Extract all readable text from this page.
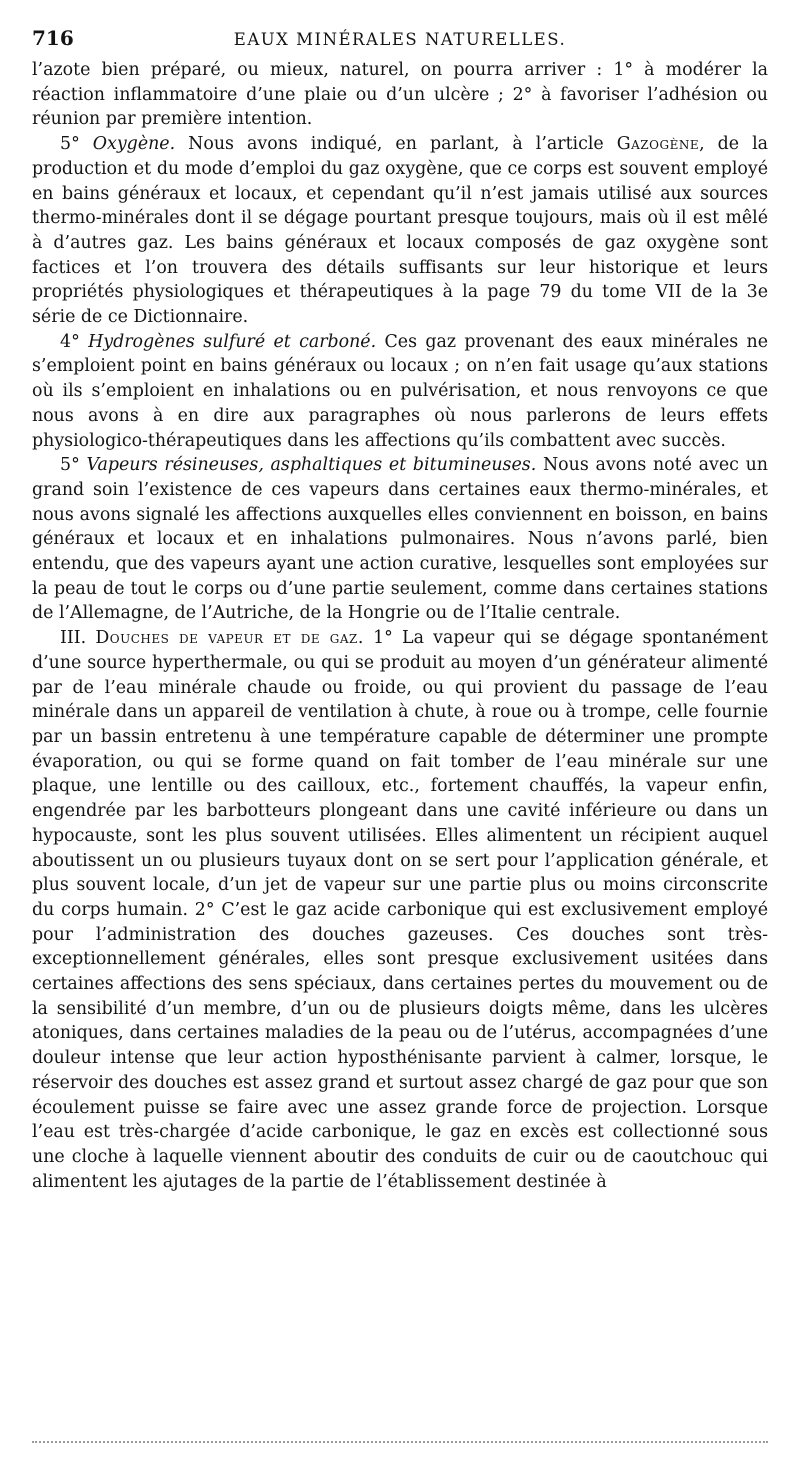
716	EAUX MINÉRALES NATURELLES.

l’azote bien préparé, ou mieux, naturel, on pourra arriver : 1° à modérer la réaction inflammatoire d’une plaie ou d’un ulcère ; 2° à favoriser l’adhésion ou réunion par première intention.

5° Oxygène. Nous avons indiqué, en parlant, à l’article Gazogène, de la production et du mode d’emploi du gaz oxygène, que ce corps est souvent employé en bains généraux et locaux, et cependant qu’il n’est jamais utilisé aux sources thermo-minérales dont il se dégage pourtant presque toujours, mais où il est mêlé à d’autres gaz. Les bains généraux et locaux composés de gaz oxygène sont factices et l’on trouvera des détails suffisants sur leur historique et leurs propriétés physiologiques et thérapeutiques à la page 79 du tome VII de la 3e série de ce Dictionnaire.

4° Hydrogènes sulfuré et carboné. Ces gaz provenant des eaux minérales ne s’emploient point en bains généraux ou locaux ; on n’en fait usage qu’aux stations où ils s’emploient en inhalations ou en pulvérisation, et nous renvoyons ce que nous avons à en dire aux paragraphes où nous parlerons de leurs effets physiologico-thérapeutiques dans les affections qu’ils combattent avec succès.

5° Vapeurs résineuses, asphaltiques et bitumineuses. Nous avons noté avec un grand soin l’existence de ces vapeurs dans certaines eaux thermo-minérales, et nous avons signalé les affections auxquelles elles conviennent en boisson, en bains généraux et locaux et en inhalations pulmonaires. Nous n’avons parlé, bien entendu, que des vapeurs ayant une action curative, lesquelles sont employées sur la peau de tout le corps ou d’une partie seulement, comme dans certaines stations de l’Allemagne, de l’Autriche, de la Hongrie ou de l’Italie centrale.

III. Douches de vapeur et de gaz. 1° La vapeur qui se dégage spontanément d’une source hyperthermale, ou qui se produit au moyen d’un générateur alimenté par de l’eau minérale chaude ou froide, ou qui provient du passage de l’eau minérale dans un appareil de ventilation à chute, à roue ou à trompe, celle fournie par un bassin entretenu à une température capable de déterminer une prompte évaporation, ou qui se forme quand on fait tomber de l’eau minérale sur une plaque, une lentille ou des cailloux, etc., fortement chauffés, la vapeur enfin, engendrée par les barbotteurs plongeant dans une cavité inférieure ou dans un hypocauste, sont les plus souvent utilisées. Elles alimentent un récipient auquel aboutissent un ou plusieurs tuyaux dont on se sert pour l’application générale, et plus souvent locale, d’un jet de vapeur sur une partie plus ou moins circonscrite du corps humain. 2° C’est le gaz acide carbonique qui est exclusivement employé pour l’administration des douches gazeuses. Ces douches sont très-exceptionnellement générales, elles sont presque exclusivement usitées dans certaines affections des sens spéciaux, dans certaines pertes du mouvement ou de la sensibilité d’un membre, d’un ou de plusieurs doigts même, dans les ulcères atoniques, dans certaines maladies de la peau ou de l’utérus, accompagnées d’une douleur intense que leur action hyposthénisante parvient à calmer, lorsque, le réservoir des douches est assez grand et surtout assez chargé de gaz pour que son écoulement puisse se faire avec une assez grande force de projection. Lorsque l’eau est très-chargée d’acide carbonique, le gaz en excès est collectionné sous une cloche à laquelle viennent aboutir des conduits de cuir ou de caoutchouc qui alimentent les ajutages de la partie de l’établissement destinée à
